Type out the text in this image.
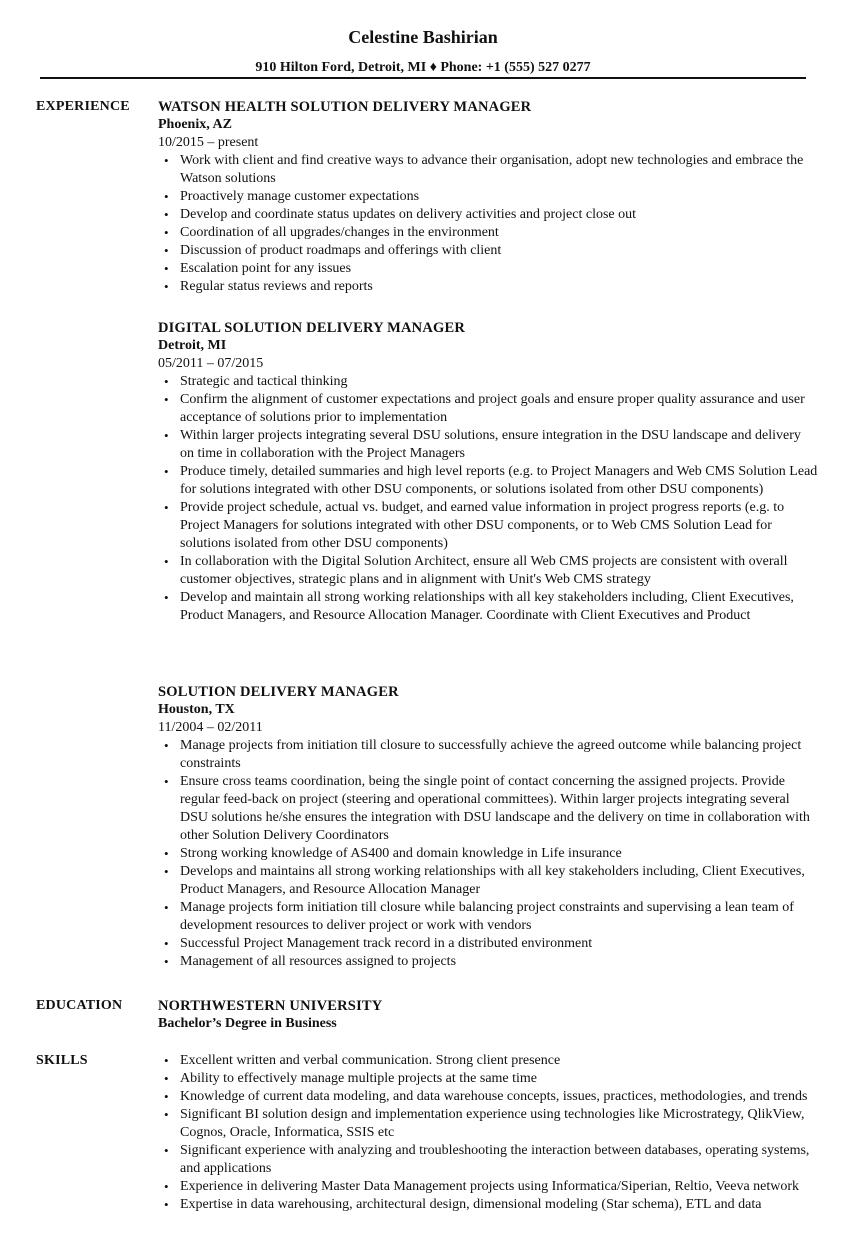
Celestine Bashirian
910 Hilton Ford, Detroit, MI ♦ Phone: +1 (555) 527 0277
EXPERIENCE WATSON HEALTH SOLUTION DELIVERY MANAGER
Phoenix, AZ
10/2015 – present
• Work with client and find creative ways to advance their organisation, adopt new technologies and embrace the Watson solutions
• Proactively manage customer expectations
• Develop and coordinate status updates on delivery activities and project close out
• Coordination of all upgrades/changes in the environment
• Discussion of product roadmaps and offerings with client
• Escalation point for any issues
• Regular status reviews and reports
DIGITAL SOLUTION DELIVERY MANAGER
Detroit, MI
05/2011 – 07/2015
• Strategic and tactical thinking
• Confirm the alignment of customer expectations and project goals and ensure proper quality assurance and user acceptance of solutions prior to implementation
• Within larger projects integrating several DSU solutions, ensure integration in the DSU landscape and delivery on time in collaboration with the Project Managers
• Produce timely, detailed summaries and high level reports (e.g. to Project Managers and Web CMS Solution Lead for solutions integrated with other DSU components, or solutions isolated from other DSU components)
• Provide project schedule, actual vs. budget, and earned value information in project progress reports (e.g. to Project Managers for solutions integrated with other DSU components, or to Web CMS Solution Lead for solutions isolated from other DSU components)
• In collaboration with the Digital Solution Architect, ensure all Web CMS projects are consistent with overall customer objectives, strategic plans and in alignment with Unit's Web CMS strategy
• Develop and maintain all strong working relationships with all key stakeholders including, Client Executives, Product Managers, and Resource Allocation Manager. Coordinate with Client Executives and Product
SOLUTION DELIVERY MANAGER
Houston, TX
11/2004 – 02/2011
• Manage projects from initiation till closure to successfully achieve the agreed outcome while balancing project constraints
• Ensure cross teams coordination, being the single point of contact concerning the assigned projects. Provide regular feed-back on project (steering and operational committees). Within larger projects integrating several DSU solutions he/she ensures the integration with DSU landscape and the delivery on time in collaboration with other Solution Delivery Coordinators
• Strong working knowledge of AS400 and domain knowledge in Life insurance
• Develops and maintains all strong working relationships with all key stakeholders including, Client Executives, Product Managers, and Resource Allocation Manager
• Manage projects form initiation till closure while balancing project constraints and supervising a lean team of development resources to deliver project or work with vendors
• Successful Project Management track record in a distributed environment
• Management of all resources assigned to projects
EDUCATION NORTHWESTERN UNIVERSITY
Bachelor’s Degree in Business
SKILLS
•	Excellent written and verbal communication. Strong client presence
• Ability to effectively manage multiple projects at the same time
• Knowledge of current data modeling, and data warehouse concepts, issues, practices, methodologies, and trends
• Significant BI solution design and implementation experience using technologies like Microstrategy, QlikView, Cognos, Oracle, Informatica, SSIS etc
• Significant experience with analyzing and troubleshooting the interaction between databases, operating systems, and applications
• Experience in delivering Master Data Management projects using Informatica/Siperian, Reltio, Veeva network
• Expertise in data warehousing, architectural design, dimensional modeling (Star schema), ETL and data
